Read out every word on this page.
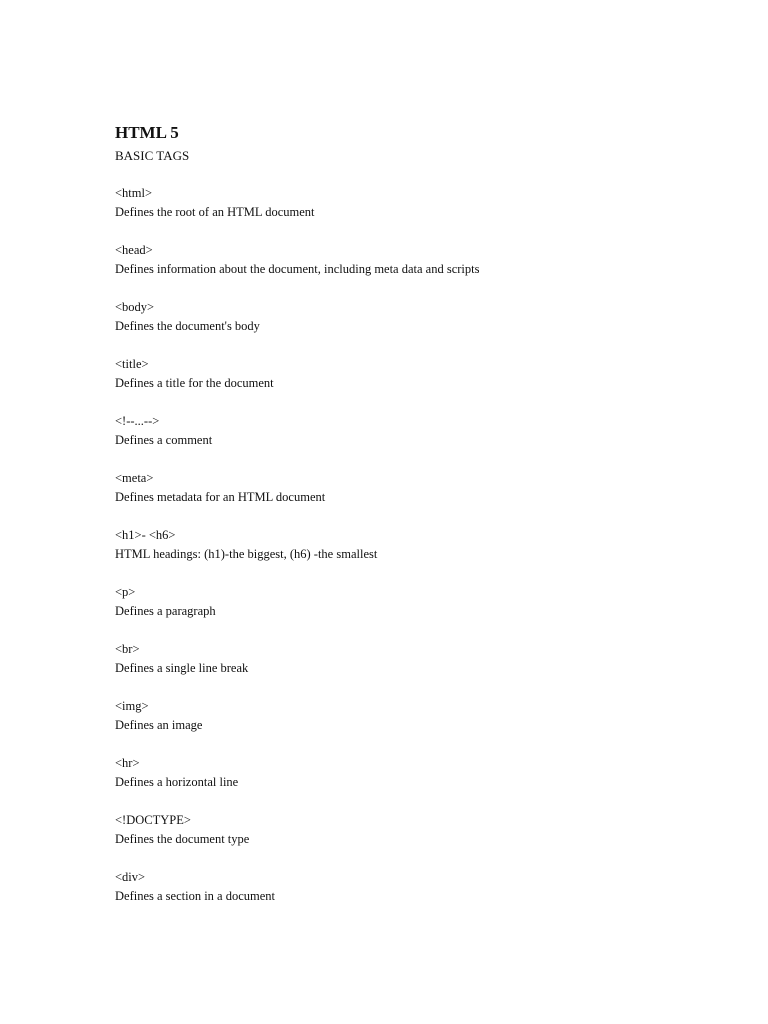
HTML 5
BASIC TAGS
<html>
Defines the root of an HTML document
<head>
Defines information about the document, including meta data and scripts
<body>
Defines the document's body
<title>
Defines a title for the document
<!--...-->
Defines a comment
<meta>
Defines metadata for an HTML document
<h1>- <h6>
HTML headings: (h1)-the biggest, (h6) -the smallest
<p>
Defines a paragraph
<br>
Defines a single line break
<img>
Defines an image
<hr>
Defines a horizontal line
<!DOCTYPE>
Defines the document type
<div>
Defines a section in a document
